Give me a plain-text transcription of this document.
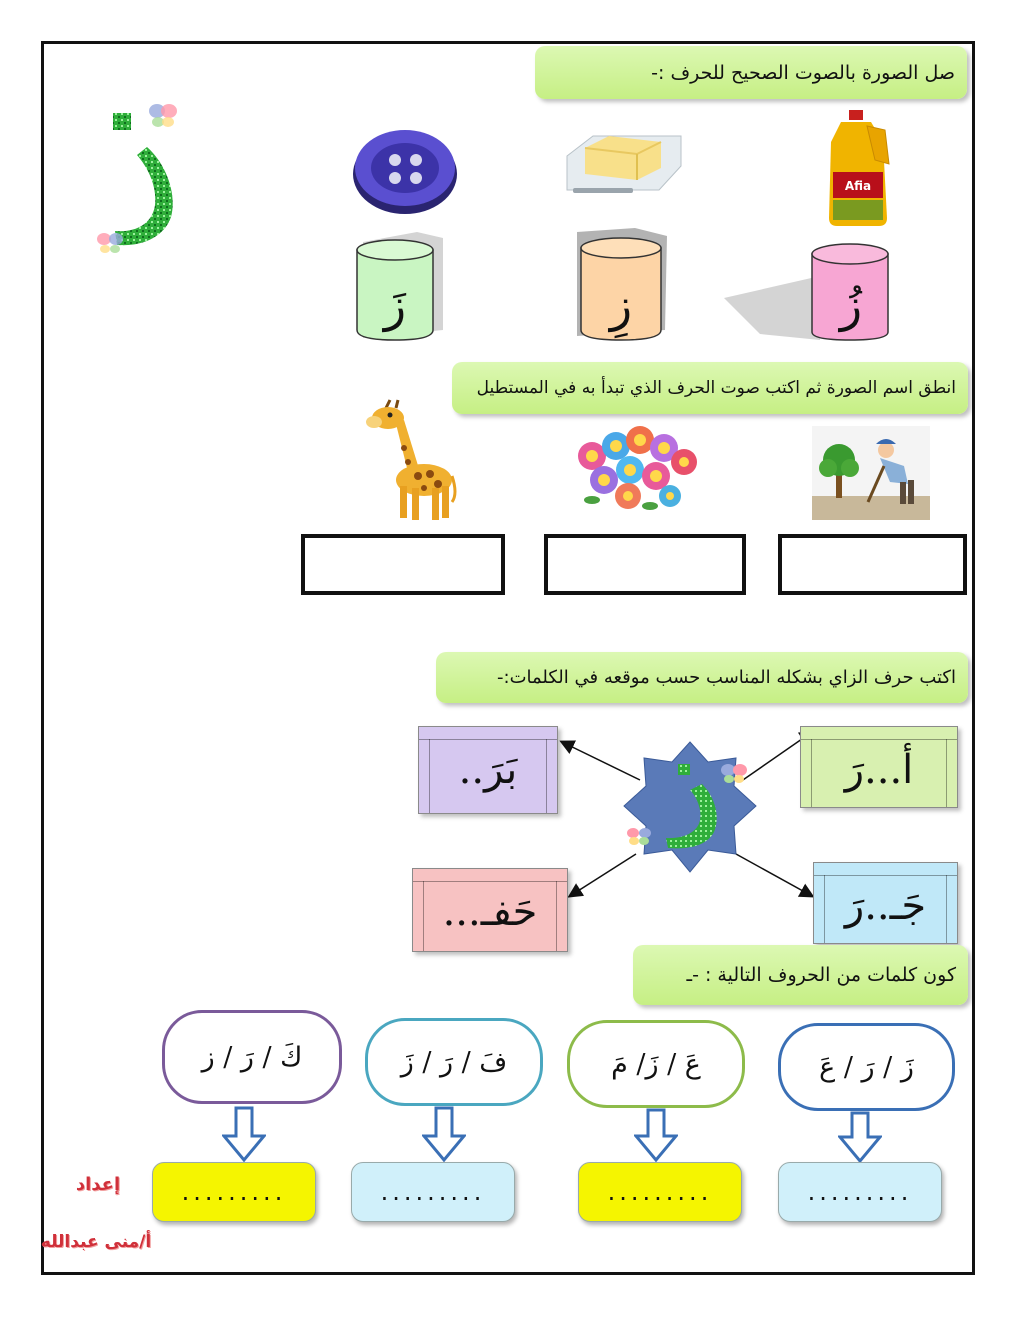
صل الصورة بالصوت الصحيح للحرف :-
Afia
زَ	زِ	زُ
انطق اسم الصورة ثم اكتب صوت الحرف الذي تبدأ به في المستطيل
اكتب حرف الزاي بشكله المناسب حسب موقعه في الكلمات:-
أ...رَ
بَرَ..
جَـ..رَ
حَفـ...
كون كلمات من الحروف التالية : -ـ
زَ / رَ / عَ
عَ / زَ/ مَ
فَ / رَ / زَ
كَ / رَ / ز
.........
.........
.........
.........
إعداد
أ/منى عبدالله
